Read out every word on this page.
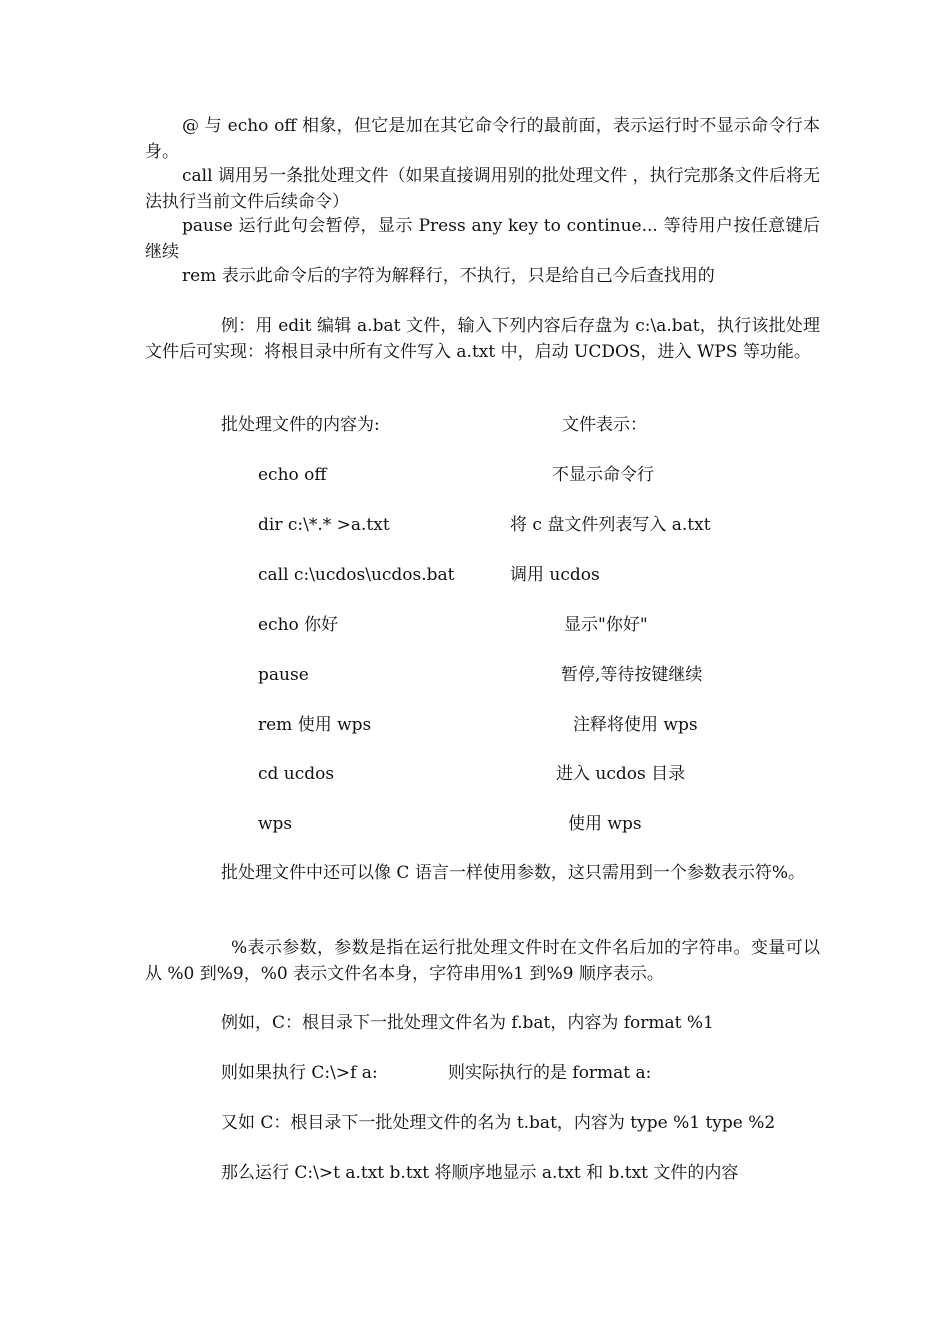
@ 与 echo off 相象，但它是加在其它命令行的最前面，表示运行时不显示命令行本身。
call 调用另一条批处理文件（如果直接调用别的批处理文件 ，执行完那条文件后将无法执行当前文件后续命令）
pause 运行此句会暂停，显示 Press any key to continue... 等待用户按任意键后继续
rem 表示此命令后的字符为解释行，不执行，只是给自己今后查找用的
例：用 edit 编辑 a.bat 文件，输入下列内容后存盘为 c:\a.bat，执行该批处理文件后可实现：将根目录中所有文件写入 a.txt 中，启动 UCDOS，进入 WPS 等功能。
批处理文件的内容为:	文件表示：
echo off	不显示命令行
dir c:\*.* >a.txt	将 c 盘文件列表写入 a.txt
call c:\ucdos\ucdos.bat	调用 ucdos
echo 你好	显示"你好"
pause	暂停,等待按键继续
rem 使用 wps	注释将使用 wps
cd ucdos	进入 ucdos 目录
wps	使用 wps
批处理文件中还可以像 C 语言一样使用参数，这只需用到一个参数表示符%。
%表示参数，参数是指在运行批处理文件时在文件名后加的字符串。变量可以从 %0 到%9，%0 表示文件名本身，字符串用%1 到%9 顺序表示。
例如，C：根目录下一批处理文件名为 f.bat，内容为 format %1
则如果执行 C:\>f a:	则实际执行的是 format a:
又如 C：根目录下一批处理文件的名为 t.bat，内容为 type %1 type %2
那么运行 C:\>t a.txt b.txt 将顺序地显示 a.txt 和 b.txt 文件的内容
